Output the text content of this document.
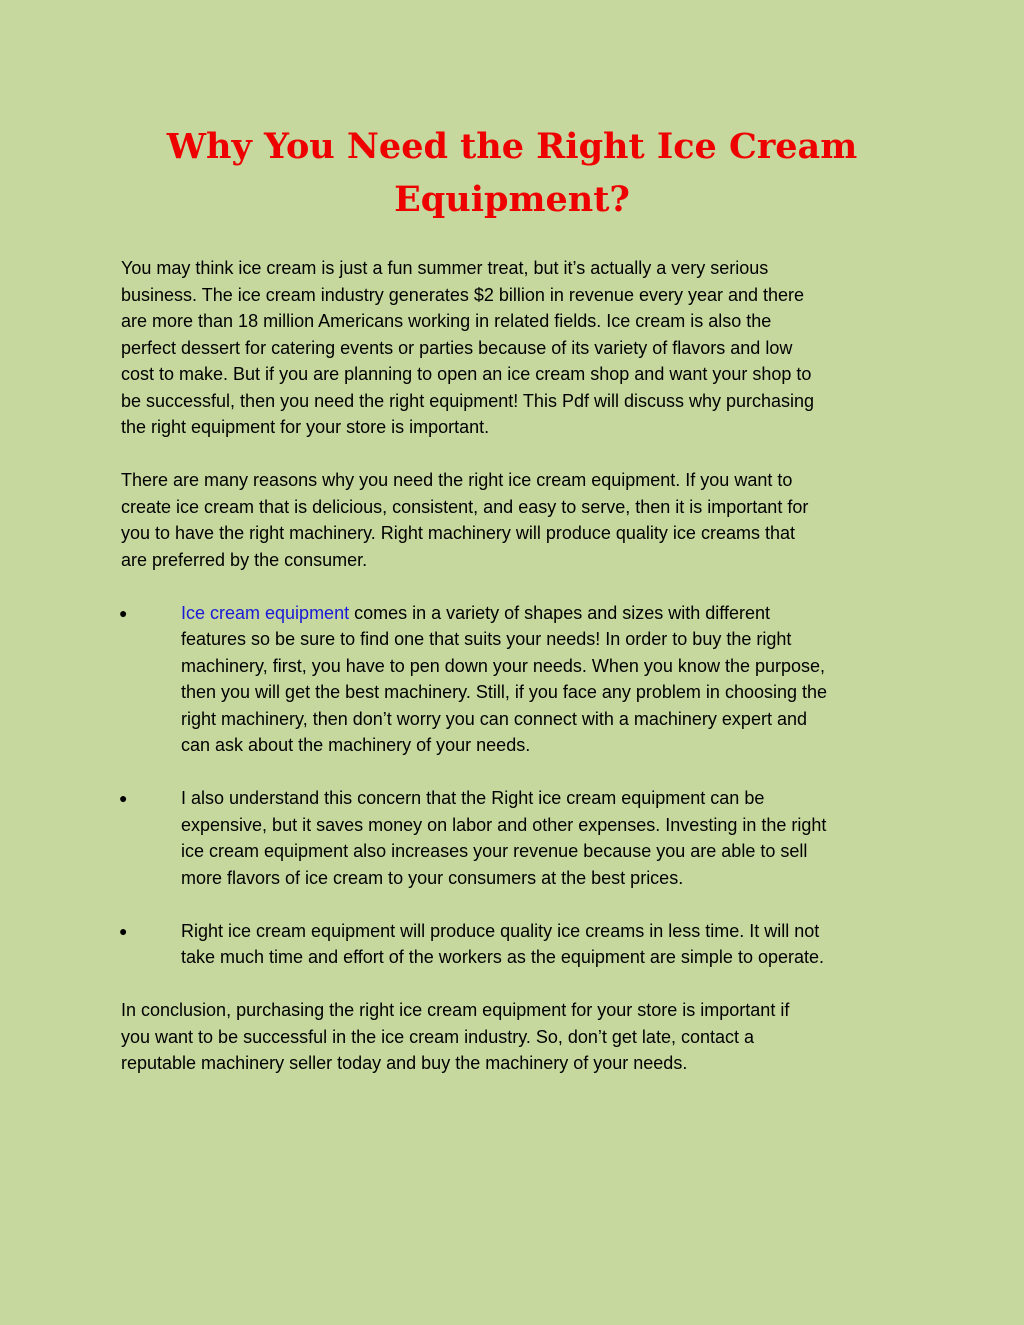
Why You Need the Right Ice Cream
Equipment?

You may think ice cream is just a fun summer treat, but it’s actually a very serious
business. The ice cream industry generates $2 billion in revenue every year and there
are more than 18 million Americans working in related fields. Ice cream is also the
perfect dessert for catering events or parties because of its variety of flavors and low
cost to make. But if you are planning to open an ice cream shop and want your shop to
be successful, then you need the right equipment! This Pdf will discuss why purchasing
the right equipment for your store is important.

There are many reasons why you need the right ice cream equipment. If you want to
create ice cream that is delicious, consistent, and easy to serve, then it is important for
you to have the right machinery. Right machinery will produce quality ice creams that
are preferred by the consumer.

●	Ice cream equipment comes in a variety of shapes and sizes with different
features so be sure to find one that suits your needs! In order to buy the right
machinery, first, you have to pen down your needs. When you know the purpose,
then you will get the best machinery. Still, if you face any problem in choosing the
right machinery, then don’t worry you can connect with a machinery expert and
can ask about the machinery of your needs.
●	I also understand this concern that the Right ice cream equipment can be
expensive, but it saves money on labor and other expenses. Investing in the right
ice cream equipment also increases your revenue because you are able to sell
more flavors of ice cream to your consumers at the best prices.
●	Right ice cream equipment will produce quality ice creams in less time. It will not
take much time and effort of the workers as the equipment are simple to operate.

In conclusion, purchasing the right ice cream equipment for your store is important if
you want to be successful in the ice cream industry. So, don’t get late, contact a
reputable machinery seller today and buy the machinery of your needs.
